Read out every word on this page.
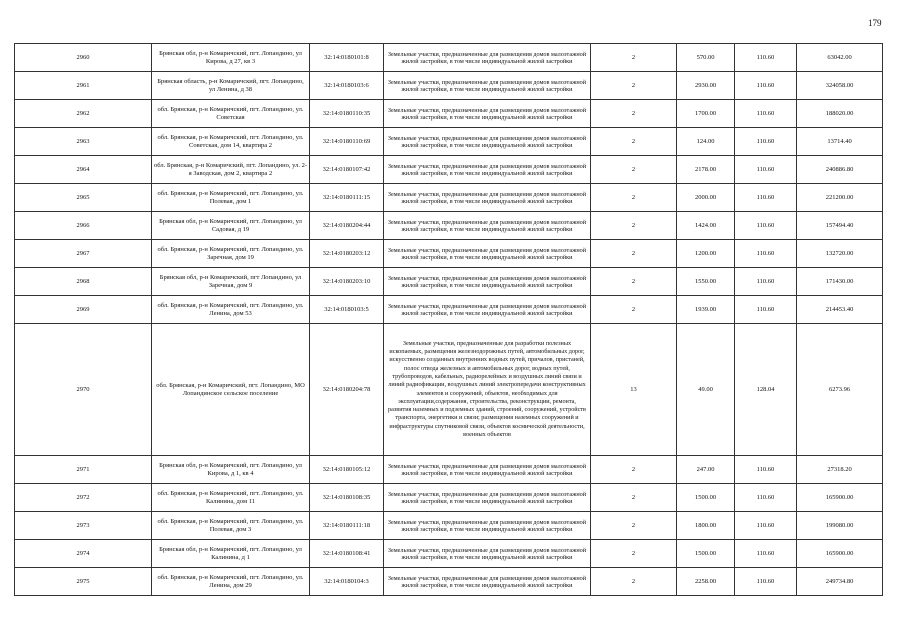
179
2960	Брянская обл, р-н Комаричский, пгт. Лопандино, ул Кирова, д 27, кв 3	32:14:0180101:8	Земельные участки, предназначенные для размещения домов малоэтажной жилой застройки, в том числе индивидуальной жилой застройки	2	570.00	110.60	63042.00
2961	Брянская область, р-н Комаричский, пгт. Лопандино, ул Ленина, д 38	32:14:0180103:6	Земельные участки, предназначенные для размещения домов малоэтажной жилой застройки, в том числе индивидуальной жилой застройки	2	2930.00	110.60	324058.00
2962	обл. Брянская, р-н Комаричский, пгт. Лопандино, ул. Советская	32:14:0180110:35	Земельные участки, предназначенные для размещения домов малоэтажной жилой застройки, в том числе индивидуальной жилой застройки	2	1700.00	110.60	188020.00
2963	обл. Брянская, р-н Комаричский, пгт. Лопандино, ул. Советская, дом 14, квартира 2	32:14:0180110:69	Земельные участки, предназначенные для размещения домов малоэтажной жилой застройки, в том числе индивидуальной жилой застройки	2	124.00	110.60	13714.40
2964	обл. Брянская, р-н Комаричский, пгт. Лопандино, ул. 2-я Заводская, дом 2, квартира 2	32:14:0180107:42	Земельные участки, предназначенные для размещения домов малоэтажной жилой застройки, в том числе индивидуальной жилой застройки	2	2178.00	110.60	240886.80
2965	обл. Брянская, р-н Комаричский, пгт. Лопандино, ул. Полевая, дом 1	32:14:0180111:15	Земельные участки, предназначенные для размещения домов малоэтажной жилой застройки, в том числе индивидуальной жилой застройки	2	2000.00	110.60	221200.00
2966	Брянская обл, р-н Комаричский, пгт. Лопандино, ул Садовая, д 19	32:14:0180204:44	Земельные участки, предназначенные для размещения домов малоэтажной жилой застройки, в том числе индивидуальной жилой застройки	2	1424.00	110.60	157494.40
2967	обл. Брянская, р-н Комаричский, пгт. Лопандино, ул. Заречная, дом 19	32:14:0180203:12	Земельные участки, предназначенные для размещения домов малоэтажной жилой застройки, в том числе индивидуальной жилой застройки	2	1200.00	110.60	132720.00
2968	Брянская обл, р-н Комаричский, пгт Лопандино, ул Заречная, дом 9	32:14:0180203:10	Земельные участки, предназначенные для размещения домов малоэтажной жилой застройки, в том числе индивидуальной жилой застройки	2	1550.00	110.60	171430.00
2969	обл. Брянская, р-н Комаричский, пгт. Лопандино, ул. Ленина, дом 53	32:14:0180103:5	Земельные участки, предназначенные для размещения домов малоэтажной жилой застройки, в том числе индивидуальной жилой застройки	2	1939.00	110.60	214453.40
2970	обл. Брянская, р-н Комаричский, пгт. Лопандино, МО Лопандинское сельское поселение	32:14:0180204:78	Земельные участки, предназначенные для разработки полезных ископаемых, размещения железнодорожных путей, автомобильных дорог, искусственно созданных внутренних водных путей, причалов, пристаней, полос отвода железных и автомобильных дорог, водных путей, трубопроводов, кабельных, радиорелейных и воздушных линий связи и линий радиофикации, воздушных линий электропередачи конструктивных элементов и сооружений, объектов, необходимых для эксплуатации,содержания, строительства, реконструкции, ремонта, развития наземных и подземных зданий, строений, сооружений, устройств транспорта, энергетики и связи; размещения наземных сооружений и инфраструктуры спутниковой связи, объектов космической деятельности, военных объектов	13	49.00	128.04	6273.96
2971	Брянская обл, р-н Комаричский, пгт. Лопандино, ул Кирова, д 1, кв 4	32:14:0180105:12	Земельные участки, предназначенные для размещения домов малоэтажной жилой застройки, в том числе индивидуальной жилой застройки	2	247.00	110.60	27318.20
2972	обл. Брянская, р-н Комаричский, пгт. Лопандино, ул. Калинина, дом 11	32:14:0180108:35	Земельные участки, предназначенные для размещения домов малоэтажной жилой застройки, в том числе индивидуальной жилой застройки	2	1500.00	110.60	165900.00
2973	обл. Брянская, р-н Комаричский, пгт. Лопандино, ул. Полевая, дом 3	32:14:0180111:18	Земельные участки, предназначенные для размещения домов малоэтажной жилой застройки, в том числе индивидуальной жилой застройки	2	1800.00	110.60	199080.00
2974	Брянская обл, р-н Комаричский, пгт. Лопандино, ул Калинина, д 1	32:14:0180108:41	Земельные участки, предназначенные для размещения домов малоэтажной жилой застройки, в том числе индивидуальной жилой застройки	2	1500.00	110.60	165900.00
2975	обл. Брянская, р-н Комаричский, пгт. Лопандино, ул. Ленина, дом 29	32:14:0180104:3	Земельные участки, предназначенные для размещения домов малоэтажной жилой застройки, в том числе индивидуальной жилой застройки	2	2258.00	110.60	249734.80
